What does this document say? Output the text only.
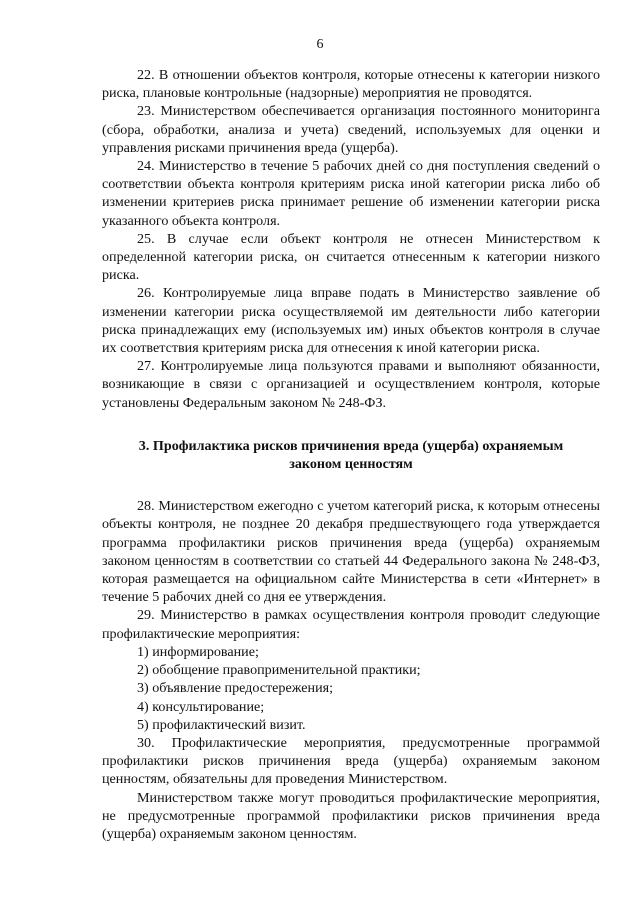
6

22. В отношении объектов контроля, которые отнесены к категории низкого риска, плановые контрольные (надзорные) мероприятия не проводятся.

23. Министерством обеспечивается организация постоянного мониторинга (сбора, обработки, анализа и учета) сведений, используемых для оценки и управления рисками причинения вреда (ущерба).

24. Министерство в течение 5 рабочих дней со дня поступления сведений о соответствии объекта контроля критериям риска иной категории риска либо об изменении критериев риска принимает решение об изменении категории риска указанного объекта контроля.

25. В случае если объект контроля не отнесен Министерством к определенной категории риска, он считается отнесенным к категории низкого риска.

26. Контролируемые лица вправе подать в Министерство заявление об изменении категории риска осуществляемой им деятельности либо категории риска принадлежащих ему (используемых им) иных объектов контроля в случае их соответствия критериям риска для отнесения к иной категории риска.

27. Контролируемые лица пользуются правами и выполняют обязанности, возникающие в связи с организацией и осуществлением контроля, которые установлены Федеральным законом № 248-ФЗ.

3. Профилактика рисков причинения вреда (ущерба) охраняемым
законом ценностям

28. Министерством ежегодно с учетом категорий риска, к которым отнесены объекты контроля, не позднее 20 декабря предшествующего года утверждается программа профилактики рисков причинения вреда (ущерба) охраняемым законом ценностям в соответствии со статьей 44 Федерального закона № 248-ФЗ, которая размещается на официальном сайте Министерства в сети «Интернет» в течение 5 рабочих дней со дня ее утверждения.

29. Министерство в рамках осуществления контроля проводит следующие профилактические мероприятия:

1) информирование;

2) обобщение правоприменительной практики;

3) объявление предостережения;

4) консультирование;

5) профилактический визит.

30. Профилактические мероприятия, предусмотренные программой профилактики рисков причинения вреда (ущерба) охраняемым законом ценностям, обязательны для проведения Министерством.

Министерством также могут проводиться профилактические мероприятия, не предусмотренные программой профилактики рисков причинения вреда (ущерба) охраняемым законом ценностям.
